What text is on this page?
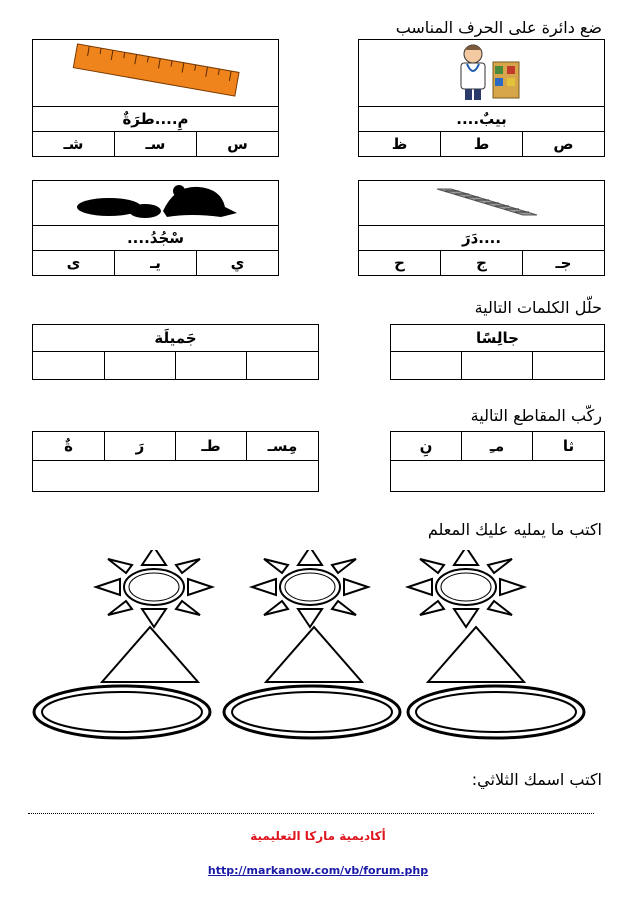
ضع دائرة على الحرف المناسب

....بيبٌ
ظ	ط	ص

مِ....طرَةٌ
شـ	سـ	س

دَرَ....
ح	ج	جـ

....سْجُدُ
ى	يـ	ي
حلّل الكلمات التالية
جالِسًا

جَميلَة

ركّب المقاطع التالية
نِ	مـِ	ثا

ةٌ	رَ	طـ	مِسـ

اكتب ما يمليه عليك المعلم
اكتب اسمك الثلاثي:
أكاديمية ماركا التعليمية
http://markanow.com/vb/forum.php
